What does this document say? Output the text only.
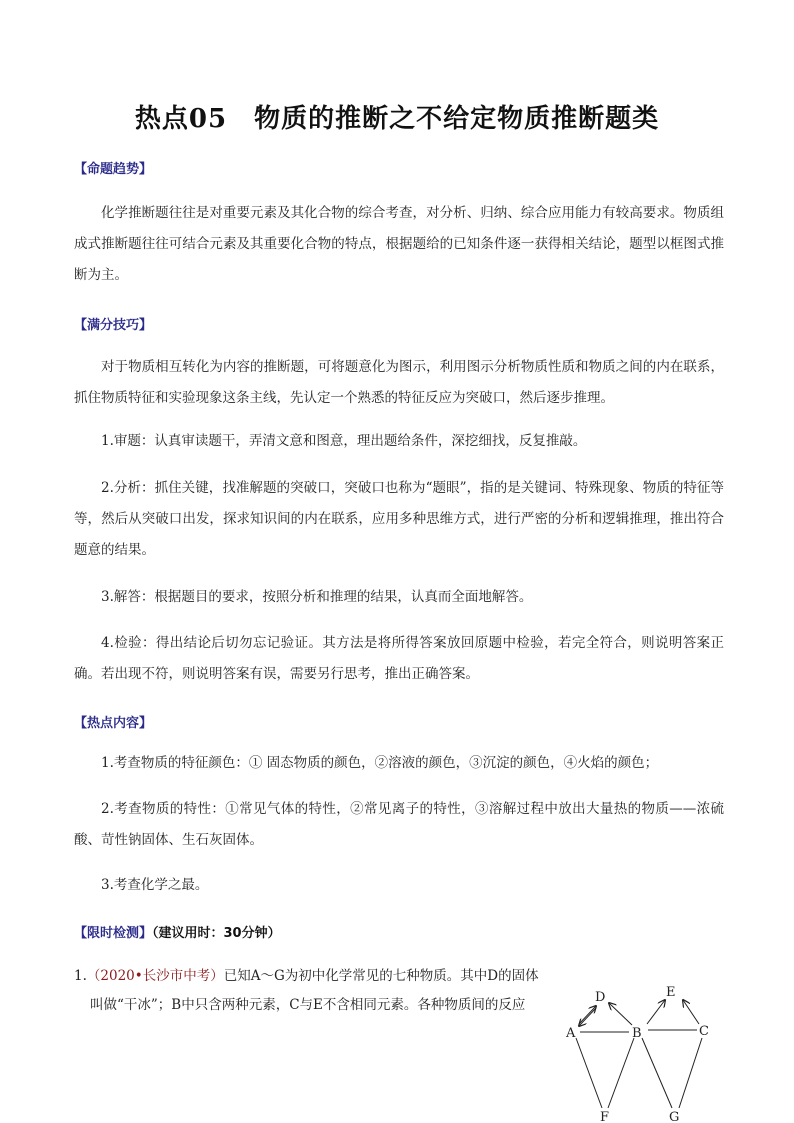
热点05　物质的推断之不给定物质推断题类
【命题趋势】
化学推断题往往是对重要元素及其化合物的综合考查，对分析、归纳、综合应用能力有较高要求。物质组成式推断题往往可结合元素及其重要化合物的特点，根据题给的已知条件逐一获得相关结论，题型以框图式推断为主。
【满分技巧】
对于物质相互转化为内容的推断题，可将题意化为图示，利用图示分析物质性质和物质之间的内在联系，抓住物质特征和实验现象这条主线，先认定一个熟悉的特征反应为突破口，然后逐步推理。
1.审题：认真审读题干，弄清文意和图意，理出题给条件，深挖细找，反复推敲。
2.分析：抓住关键，找准解题的突破口，突破口也称为“题眼”，指的是关键词、特殊现象、物质的特征等等，然后从突破口出发，探求知识间的内在联系，应用多种思维方式，进行严密的分析和逻辑推理，推出符合题意的结果。
3.解答：根据题目的要求，按照分析和推理的结果，认真而全面地解答。
4.检验：得出结论后切勿忘记验证。其方法是将所得答案放回原题中检验，若完全符合，则说明答案正确。若出现不符，则说明答案有误，需要另行思考，推出正确答案。
【热点内容】
1.考查物质的特征颜色：① 固态物质的颜色，②溶液的颜色，③沉淀的颜色，④火焰的颜色；
2.考查物质的特性：①常见气体的特性，②常见离子的特性，③溶解过程中放出大量热的物质——浓硫酸、苛性钠固体、生石灰固体。
3.考查化学之最。
【限时检测】（建议用时：30分钟）
1.（2020•长沙市中考）已知A～G为初中化学常见的七种物质。其中D的固体
叫做“干冰”；B中只含两种元素，C与E不含相同元素。各种物质间的反应
A	B	C
D	E
F	G
